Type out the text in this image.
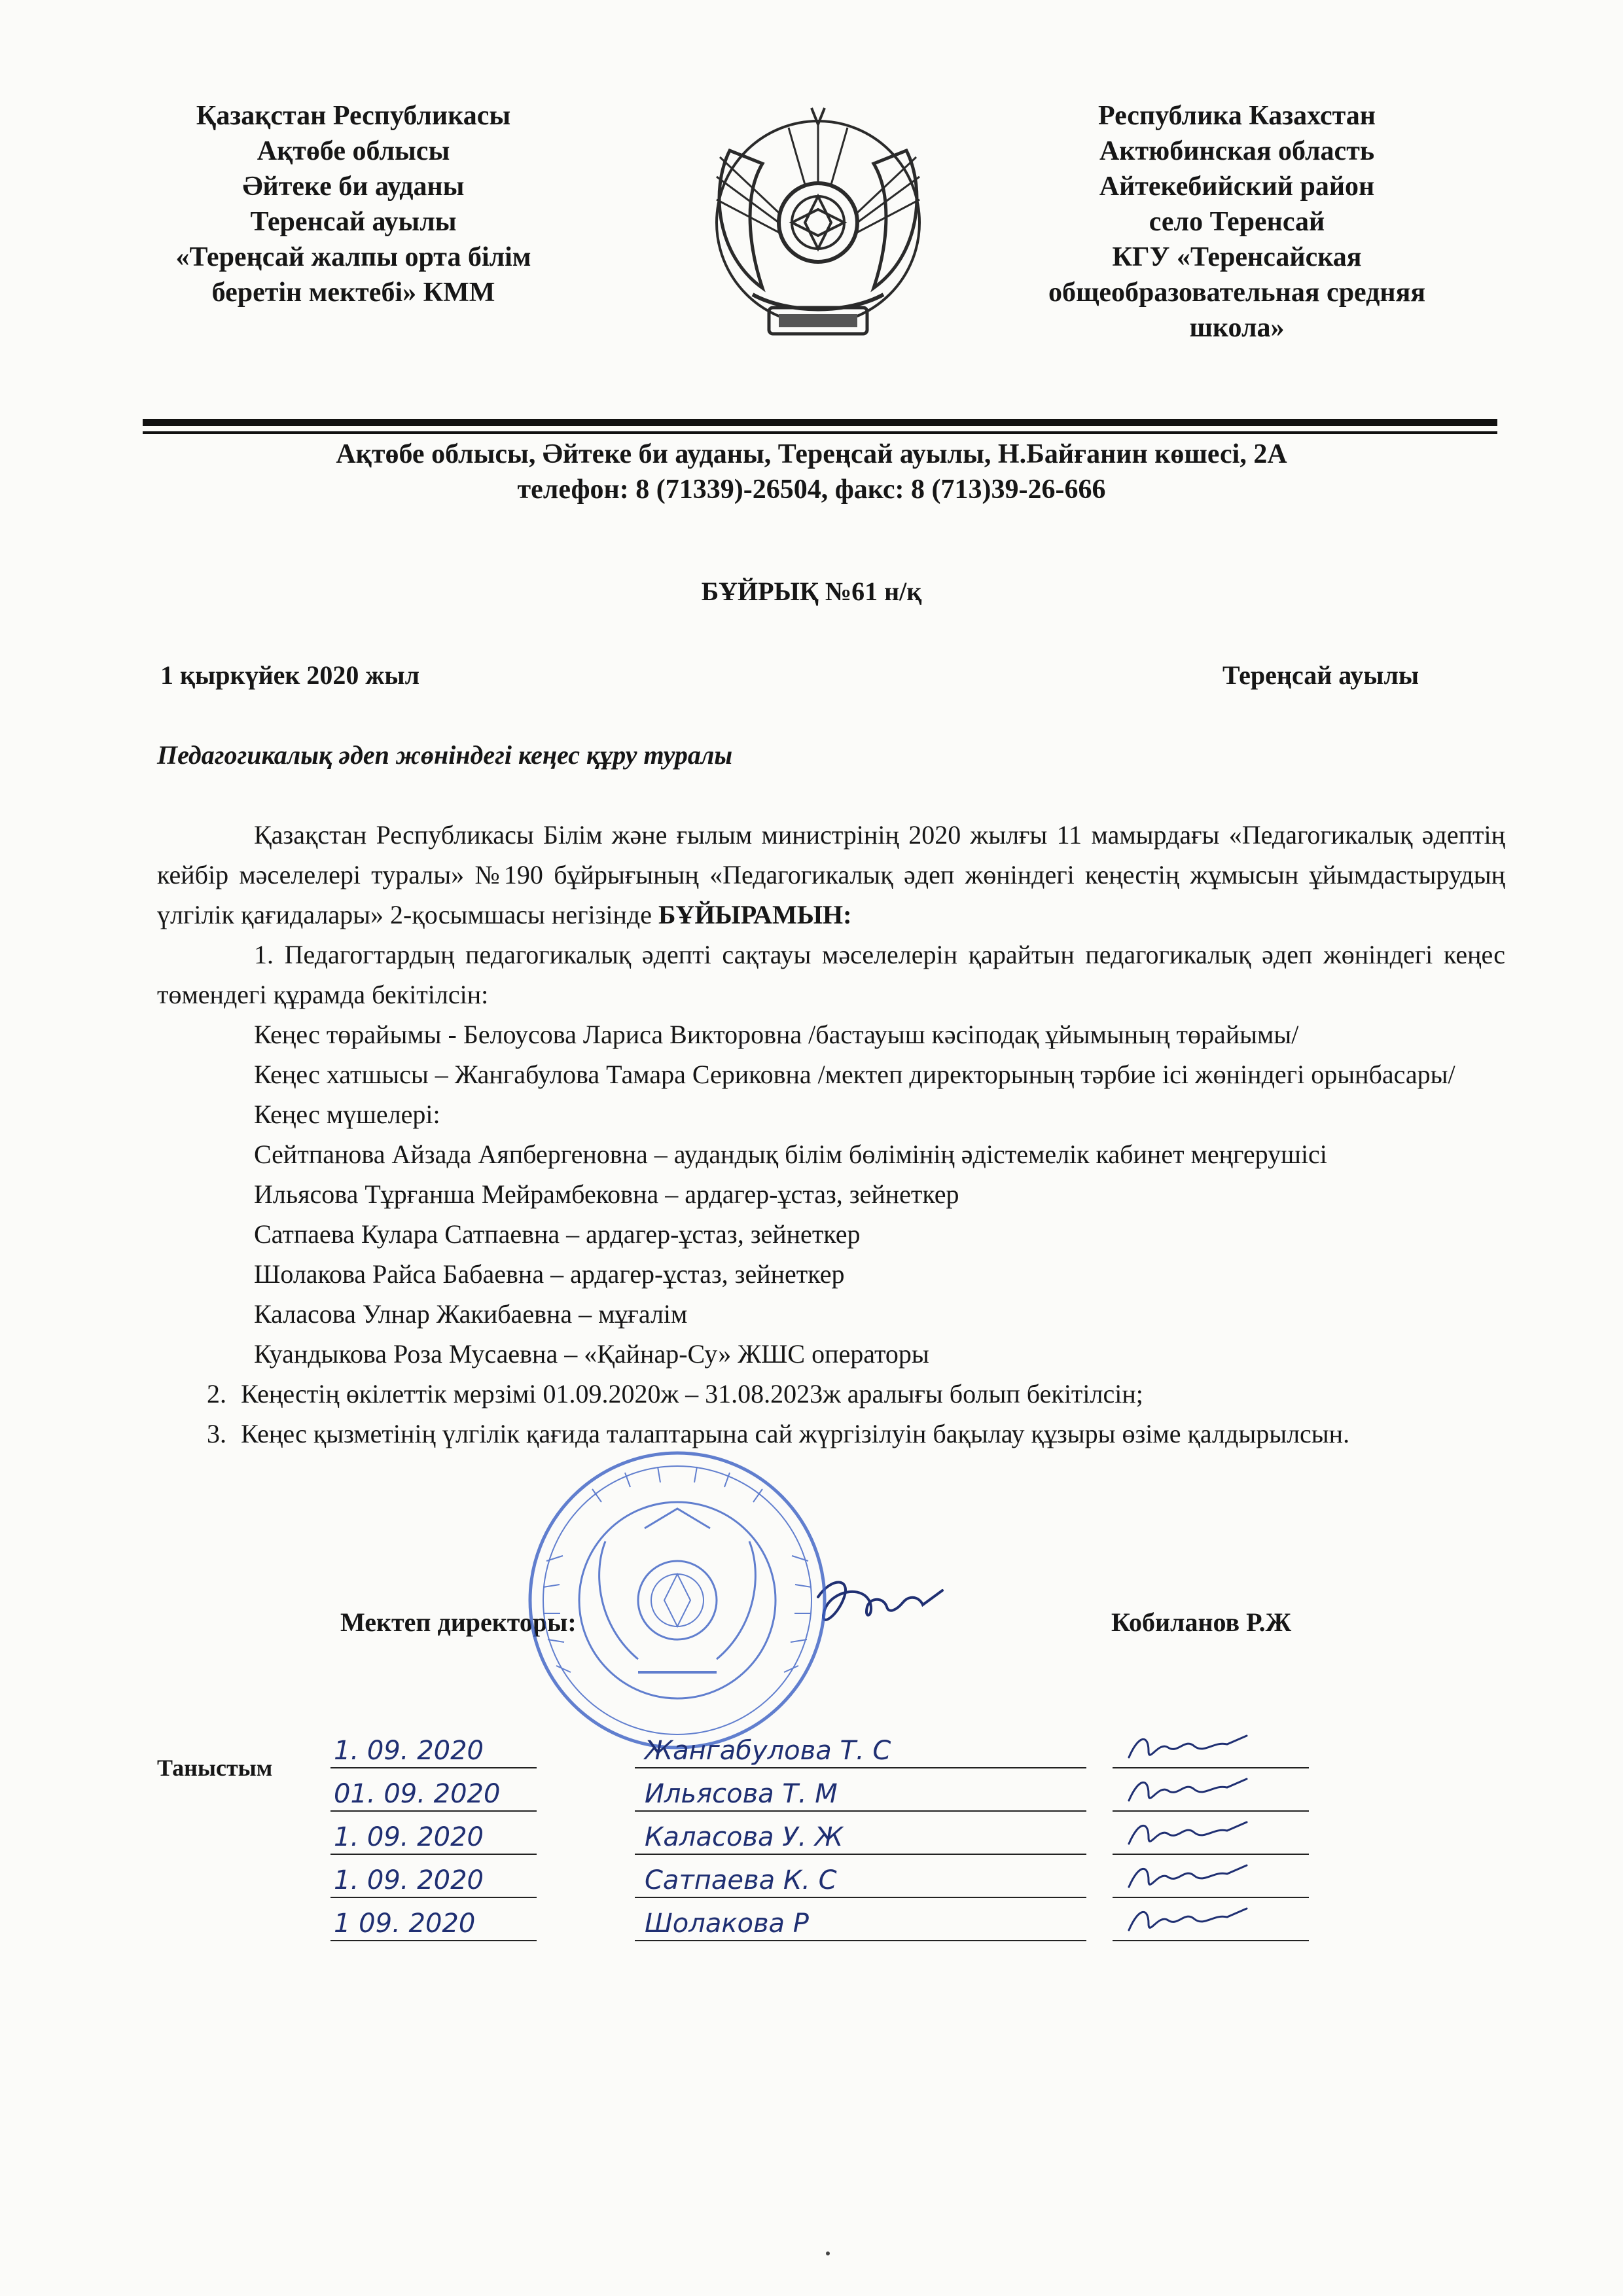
Қазақстан Республикасы
Ақтөбе облысы
Әйтеке би ауданы
Теренсай ауылы
«Тереңсай жалпы орта білім
беретін мектебі» КММ
Республика Казахстан
Актюбинская область
Айтекебийский район
село Теренсай
КГУ «Теренсайская
общеобразовательная средняя
школа»
Ақтөбе облысы, Әйтеке би ауданы, Тереңсай ауылы, Н.Байғанин көшесі, 2А
телефон: 8 (71339)-26504, факс: 8 (713)39-26-666
БҰЙРЫҚ №61 н/қ
1 қыркүйек 2020 жыл	Тереңсай ауылы
Педагогикалық әдеп жөніндегі кеңес құру туралы

Қазақстан Республикасы Білім және ғылым министрінің 2020 жылғы 11 мамырдағы «Педагогикалық әдептің кейбір мәселелері туралы» №190 бұйрығының «Педагогикалық әдеп жөніндегі кеңестің жұмысын ұйымдастырудың үлгілік қағидалары» 2-қосымшасы негізінде БҰЙЫРАМЫН:

1. Педагогтардың педагогикалық әдепті сақтауы мәселелерін қарайтын педагогикалық әдеп жөніндегі кеңес төмендегі құрамда бекітілсін:

Кеңес төрайымы - Белоусова Лариса Викторовна /бастауыш кәсіподақ ұйымының төрайымы/

Кеңес хатшысы – Жангабулова Тамара Сериковна /мектеп директорының тәрбие ісі жөніндегі орынбасары/

Кеңес мүшелері:

Сейтпанова Айзада Аяпбергеновна – аудандық білім бөлімінің әдістемелік кабинет меңгерушісі

Ильясова Тұрғанша Мейрамбековна – ардагер-ұстаз, зейнеткер

Сатпаева Кулара Сатпаевна – ардагер-ұстаз, зейнеткер

Шолакова Райса Бабаевна – ардагер-ұстаз, зейнеткер

Каласова Улнар Жакибаевна – мұғалім

Куандыкова Роза Мусаевна – «Қайнар-Су» ЖШС операторы

2. Кеңестің өкілеттік мерзімі 01.09.2020ж – 31.08.2023ж аралығы болып бекітілсін;
3. Кеңес қызметінің үлгілік қағида талаптарына сай жүргізілуін бақылау құзыры өзіме қалдырылсын.
Мектеп директоры:	Кобиланов Р.Ж
Таныстым
1. 09. 2020	Жангабулова Т. С
01. 09. 2020	Ильясова Т. М
1. 09. 2020	Каласова У. Ж
1. 09. 2020	Сатпаева К. С
1 09. 2020	Шолакова Р
